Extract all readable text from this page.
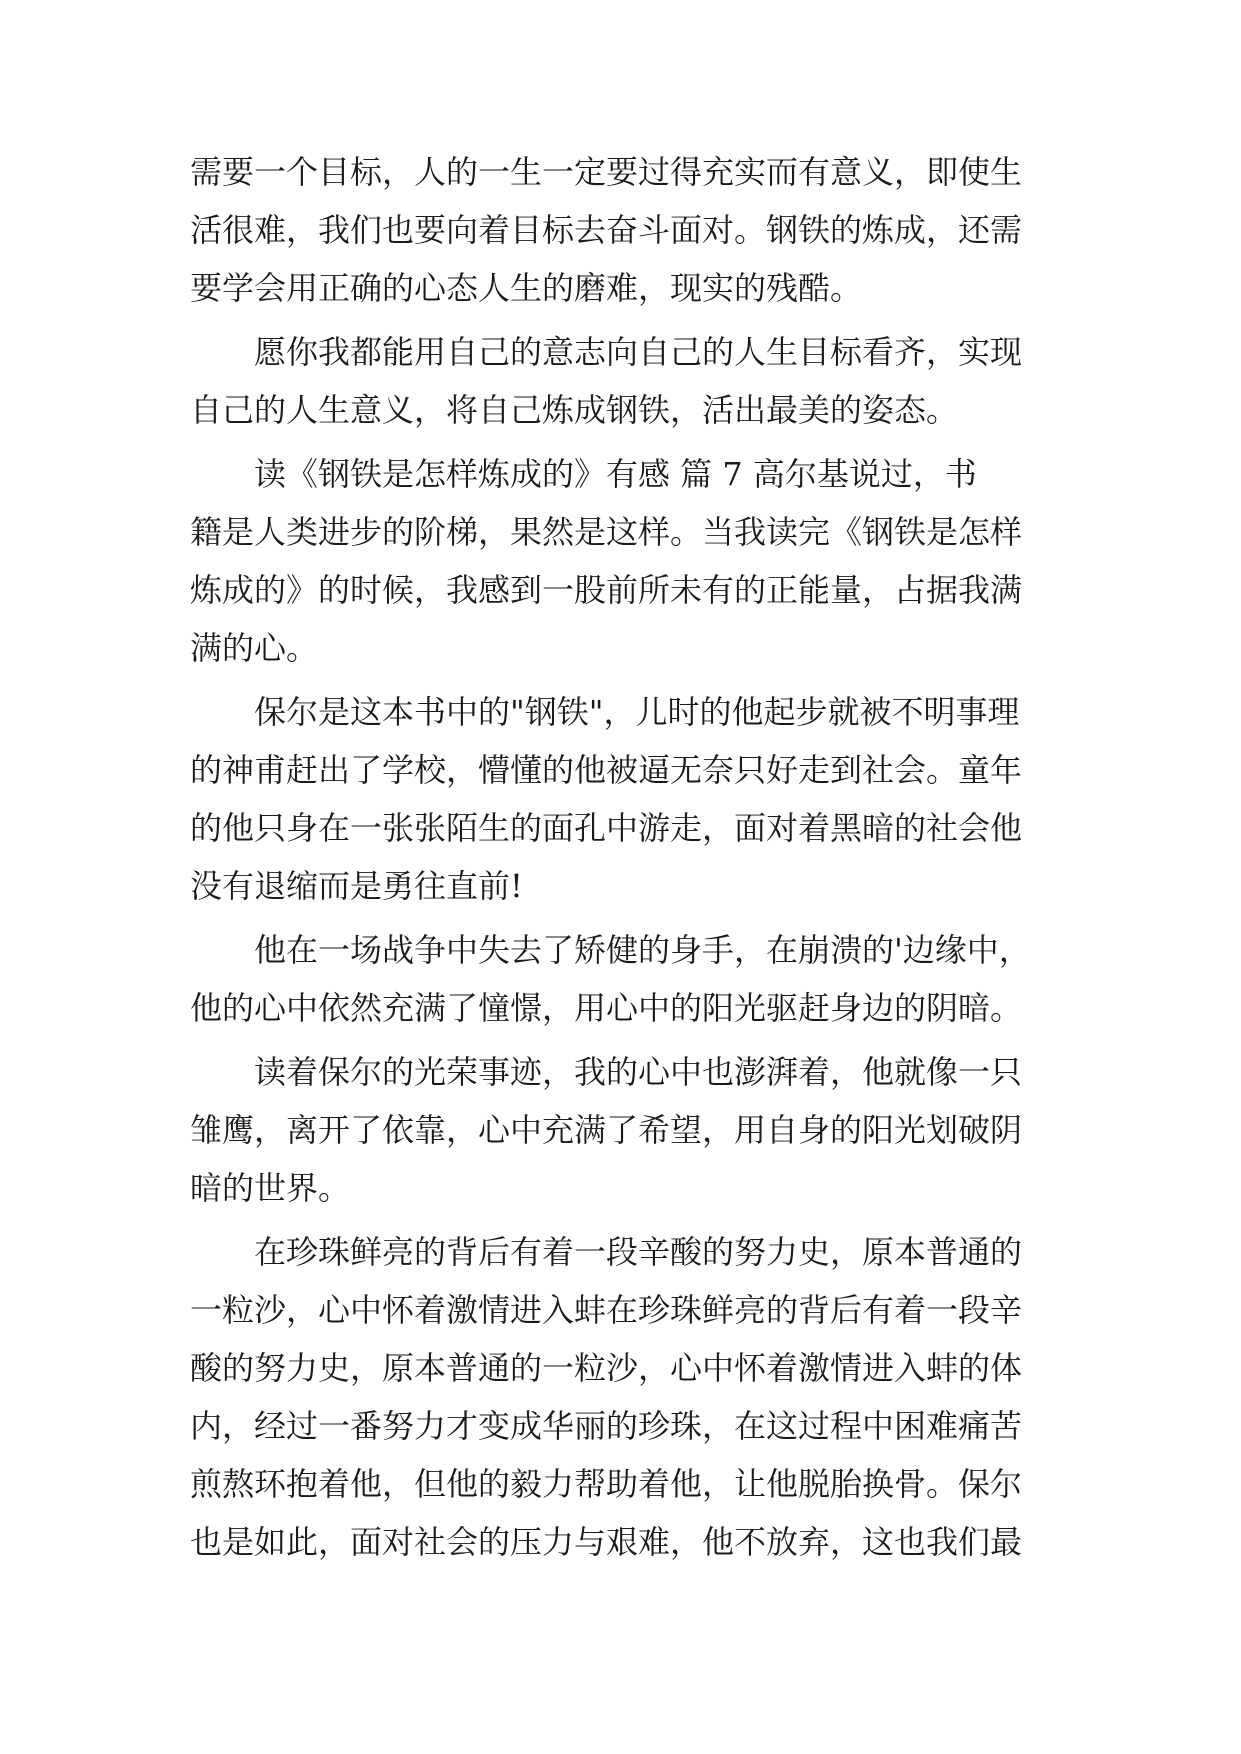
需要一个目标，人的一生一定要过得充实而有意义，即使生
活很难，我们也要向着目标去奋斗面对。钢铁的炼成，还需
要学会用正确的心态人生的磨难，现实的残酷。
愿你我都能用自己的意志向自己的人生目标看齐，实现
自己的人生意义，将自己炼成钢铁，活出最美的姿态。
读《钢铁是怎样炼成的》有感 篇 7 高尔基说过，书
籍是人类进步的阶梯，果然是这样。当我读完《钢铁是怎样
炼成的》的时候，我感到一股前所未有的正能量，占据我满
满的心。
保尔是这本书中的"钢铁"，儿时的他起步就被不明事理
的神甫赶出了学校，懵懂的他被逼无奈只好走到社会。童年
的他只身在一张张陌生的面孔中游走，面对着黑暗的社会他
没有退缩而是勇往直前!
他在一场战争中失去了矫健的身手，在崩溃的'边缘中，
他的心中依然充满了憧憬，用心中的阳光驱赶身边的阴暗。
读着保尔的光荣事迹，我的心中也澎湃着，他就像一只
雏鹰，离开了依靠，心中充满了希望，用自身的阳光划破阴
暗的世界。
在珍珠鲜亮的背后有着一段辛酸的努力史，原本普通的
一粒沙，心中怀着激情进入蚌在珍珠鲜亮的背后有着一段辛
酸的努力史，原本普通的一粒沙，心中怀着激情进入蚌的体
内，经过一番努力才变成华丽的珍珠，在这过程中困难痛苦
煎熬环抱着他，但他的毅力帮助着他，让他脱胎换骨。保尔
也是如此，面对社会的压力与艰难，他不放弃，这也我们最
